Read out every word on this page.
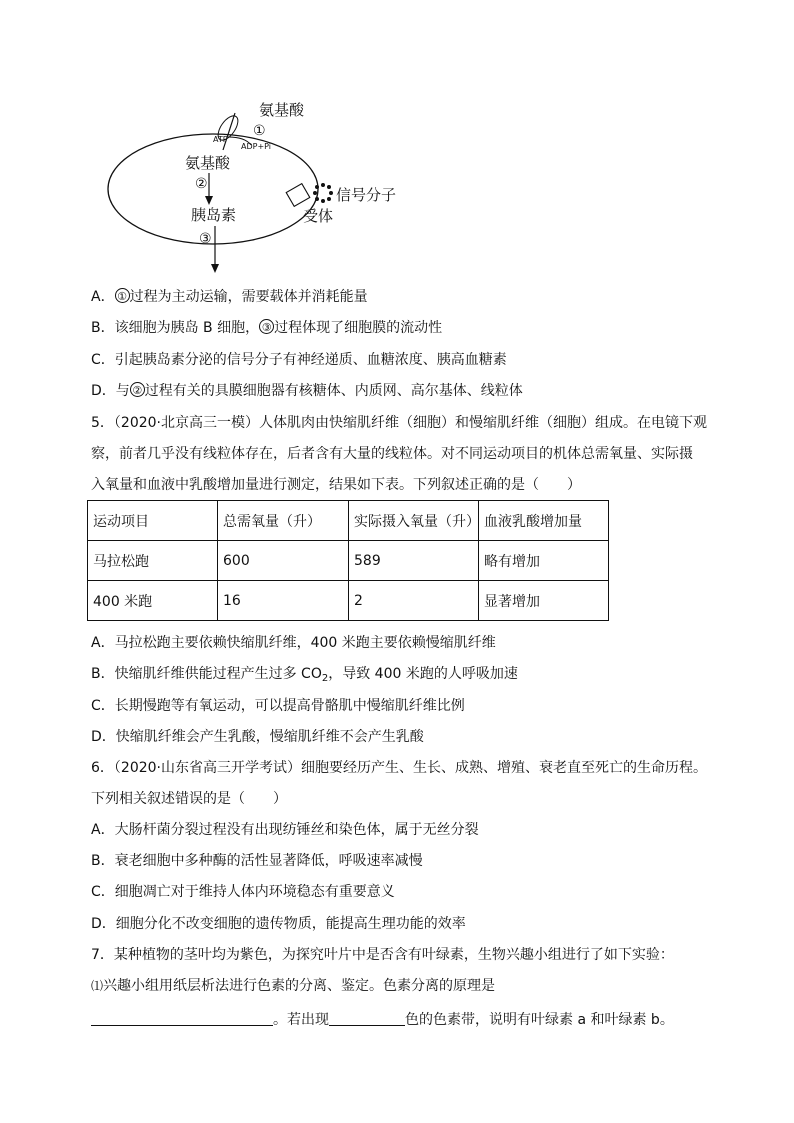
氨基酸
①
ATP
ADP+Pi
氨基酸
②
胰岛素
③
信号分子
受体
A． ① 过程为主动运输，需要载体并消耗能量
B．该细胞为胰岛 B 细胞， ③ 过程体现了细胞膜的流动性
C．引起胰岛素分泌的信号分子有神经递质、血糖浓度、胰高血糖素
D．与 ② 过程有关的具膜细胞器有核糖体、内质网、高尔基体、线粒体
5．（2020·北京高三一模）人体肌肉由快缩肌纤维（细胞）和慢缩肌纤维（细胞）组成。在电镜下观
察，前者几乎没有线粒体存在，后者含有大量的线粒体。对不同运动项目的机体总需氧量、实际摄
入氧量和血液中乳酸增加量进行测定，结果如下表。下列叙述正确的是（　　）
运动项目	总需氧量（升）	实际摄入氧量（升）	血液乳酸增加量
马拉松跑	600	589	略有增加
400 米跑	16	2	显著增加
A．马拉松跑主要依赖快缩肌纤维，400 米跑主要依赖慢缩肌纤维
B．快缩肌纤维供能过程产生过多 $CO_2$，导致 400 米跑的人呼吸加速
C．长期慢跑等有氧运动，可以提高骨骼肌中慢缩肌纤维比例
D．快缩肌纤维会产生乳酸，慢缩肌纤维不会产生乳酸
6．（2020·山东省高三开学考试）细胞要经历产生、生长、成熟、增殖、衰老直至死亡的生命历程。
下列相关叙述错误的是（　　）
A．大肠杆菌分裂过程没有出现纺锤丝和染色体，属于无丝分裂
B．衰老细胞中多种酶的活性显著降低，呼吸速率减慢
C．细胞凋亡对于维持人体内环境稳态有重要意义
D．细胞分化不改变细胞的遗传物质，能提高生理功能的效率
7．某种植物的茎叶均为紫色，为探究叶片中是否含有叶绿素，生物兴趣小组进行了如下实验：
⑴兴趣小组用纸层析法进行色素的分离、鉴定。色素分离的原理是
。若出现	色的色素带，说明有叶绿素 a 和叶绿素 b。
